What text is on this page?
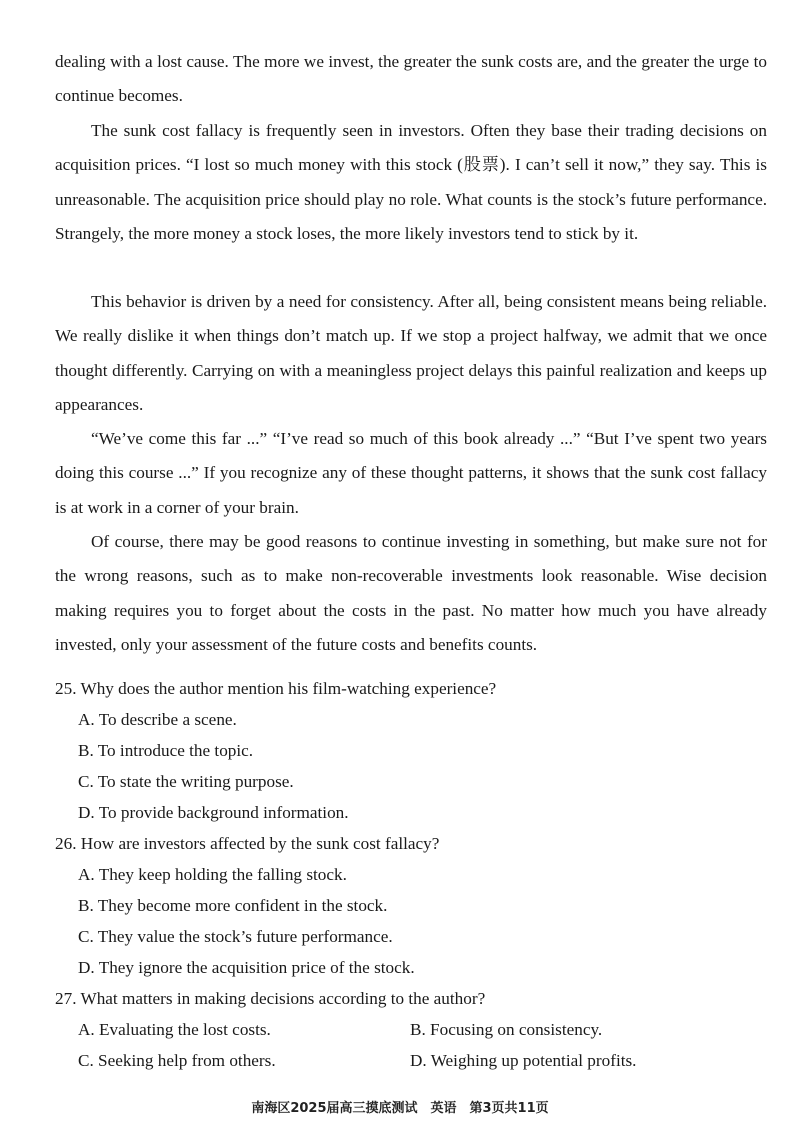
dealing with a lost cause. The more we invest, the greater the sunk costs are, and the greater the urge to continue becomes.

The sunk cost fallacy is frequently seen in investors. Often they base their trading decisions on acquisition prices. “I lost so much money with this stock (股票). I can’t sell it now,” they say. This is unreasonable. The acquisition price should play no role. What counts is the stock’s future performance. Strangely, the more money a stock loses, the more likely investors tend to stick by it.

This behavior is driven by a need for consistency. After all, being consistent means being reliable. We really dislike it when things don’t match up. If we stop a project halfway, we admit that we once thought differently. Carrying on with a meaningless project delays this painful realization and keeps up appearances.

“We’ve come this far ...” “I’ve read so much of this book already ...” “But I’ve spent two years doing this course ...” If you recognize any of these thought patterns, it shows that the sunk cost fallacy is at work in a corner of your brain.

Of course, there may be good reasons to continue investing in something, but make sure not for the wrong reasons, such as to make non-recoverable investments look reasonable. Wise decision making requires you to forget about the costs in the past. No matter how much you have already invested, only your assessment of the future costs and benefits counts.

25. Why does the author mention his film-watching experience?

A. To describe a scene.

B. To introduce the topic.

C. To state the writing purpose.

D. To provide background information.

26. How are investors affected by the sunk cost fallacy?

A. They keep holding the falling stock.

B. They become more confident in the stock.

C. They value the stock’s future performance.

D. They ignore the acquisition price of the stock.

27. What matters in making decisions according to the author?

A. Evaluating the lost costs.	B. Focusing on consistency.

C. Seeking help from others.	D. Weighing up potential profits.

南海区2025届高三摸底测试　英语　第3页共11页
